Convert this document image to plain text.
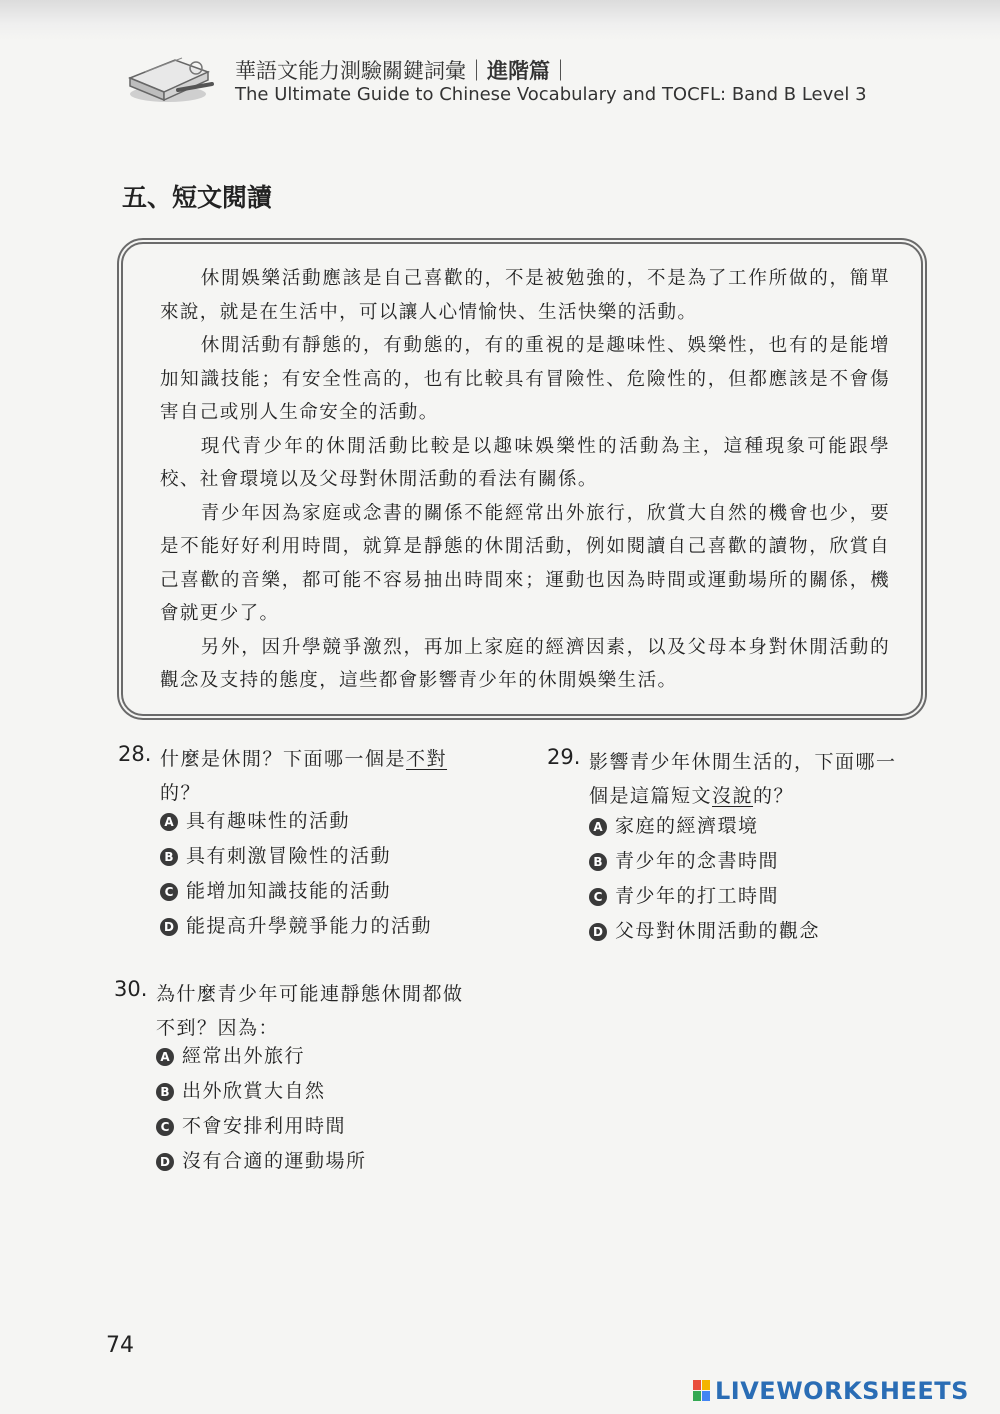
華語文能力測驗關鍵詞彙｜進階篇｜
The Ultimate Guide to Chinese Vocabulary and TOCFL: Band B Level 3
五、短文閱讀

休閒娛樂活動應該是自己喜歡的，不是被勉強的，不是為了工作所做的，簡單來說，就是在生活中，可以讓人心情愉快、生活快樂的活動。

休閒活動有靜態的，有動態的，有的重視的是趣味性、娛樂性，也有的是能增加知識技能；有安全性高的，也有比較具有冒險性、危險性的，但都應該是不會傷害自己或別人生命安全的活動。

現代青少年的休閒活動比較是以趣味娛樂性的活動為主，這種現象可能跟學校、社會環境以及父母對休閒活動的看法有關係。

青少年因為家庭或念書的關係不能經常出外旅行，欣賞大自然的機會也少，要是不能好好利用時間，就算是靜態的休閒活動，例如閱讀自己喜歡的讀物，欣賞自己喜歡的音樂，都可能不容易抽出時間來；運動也因為時間或運動場所的關係，機會就更少了。

另外，因升學競爭激烈，再加上家庭的經濟因素，以及父母本身對休閒活動的觀念及支持的態度，這些都會影響青少年的休閒娛樂生活。

28. 什麼是休閒？下面哪一個是不對的？
A 具有趣味性的活動
B 具有刺激冒險性的活動
C 能增加知識技能的活動
D 能提高升學競爭能力的活動
29. 影響青少年休閒生活的，下面哪一個是這篇短文沒說的？
A 家庭的經濟環境
B 青少年的念書時間
C 青少年的打工時間
D 父母對休閒活動的觀念
30. 為什麼青少年可能連靜態休閒都做不到？因為：
A 經常出外旅行
B 出外欣賞大自然
C 不會安排利用時間
D 沒有合適的運動場所
74
LIVEWORKSHEETS
